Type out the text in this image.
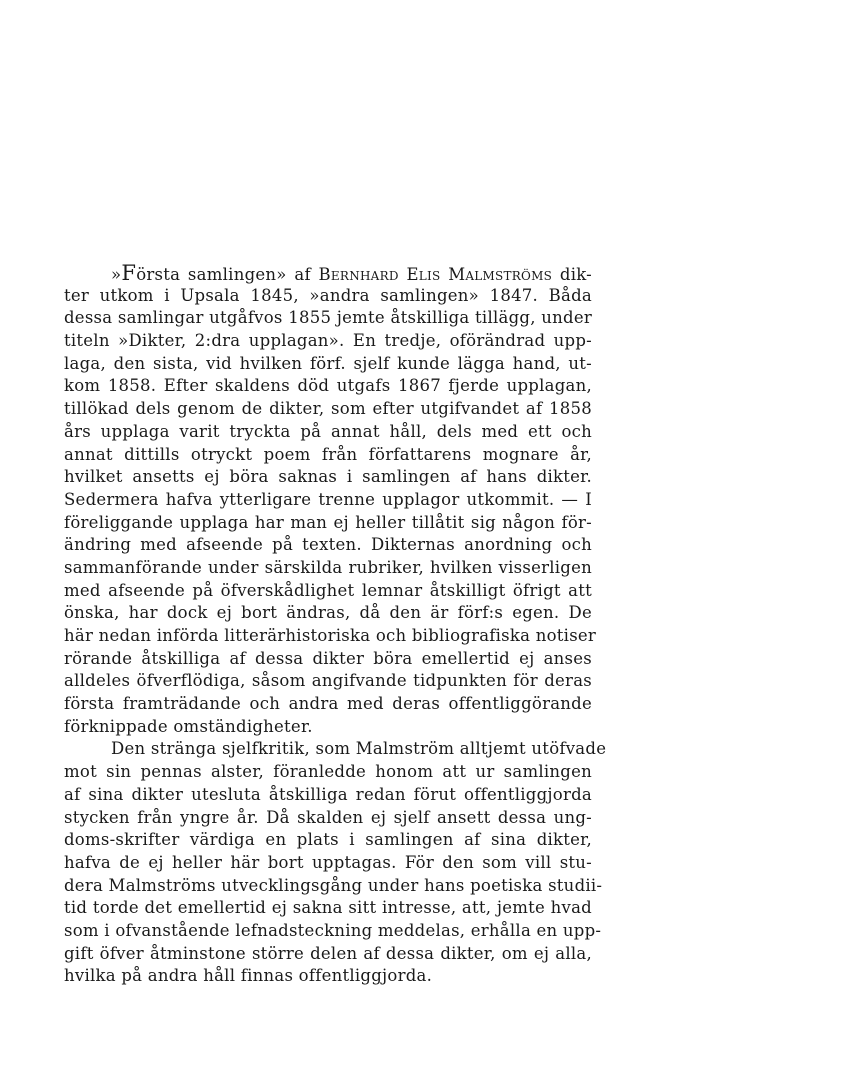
»Första samlingen» af Bernhard Elis Malmströms dik-
ter utkom i Upsala 1845, »andra samlingen» 1847. Båda
dessa samlingar utgåfvos 1855 jemte åtskilliga tillägg, under
titeln »Dikter, 2:dra upplagan». En tredje, oförändrad upp-
laga, den sista, vid hvilken förf. sjelf kunde lägga hand, ut-
kom 1858. Efter skaldens död utgafs 1867 fjerde upplagan,
tillökad dels genom de dikter, som efter utgifvandet af 1858
års upplaga varit tryckta på annat håll, dels med ett och
annat dittills otryckt poem från författarens mognare år,
hvilket ansetts ej böra saknas i samlingen af hans dikter.
Sedermera hafva ytterligare trenne upplagor utkommit. — I
föreliggande upplaga har man ej heller tillåtit sig någon för-
ändring med afseende på texten. Dikternas anordning och
sammanförande under särskilda rubriker, hvilken visserligen
med afseende på öfverskådlighet lemnar åtskilligt öfrigt att
önska, har dock ej bort ändras, då den är förf:s egen. De
här nedan införda litterärhistoriska och bibliografiska notiser
rörande åtskilliga af dessa dikter böra emellertid ej anses
alldeles öfverflödiga, såsom angifvande tidpunkten för deras
första framträdande och andra med deras offentliggörande
förknippade omständigheter.
Den stränga sjelfkritik, som Malmström alltjemt utöfvade
mot sin pennas alster, föranledde honom att ur samlingen
af sina dikter utesluta åtskilliga redan förut offentliggjorda
stycken från yngre år. Då skalden ej sjelf ansett dessa ung-
doms-skrifter värdiga en plats i samlingen af sina dikter,
hafva de ej heller här bort upptagas. För den som vill stu-
dera Malmströms utvecklingsgång under hans poetiska studii-
tid torde det emellertid ej sakna sitt intresse, att, jemte hvad
som i ofvanstående lefnadsteckning meddelas, erhålla en upp-
gift öfver åtminstone större delen af dessa dikter, om ej alla,
hvilka på andra håll finnas offentliggjorda.
